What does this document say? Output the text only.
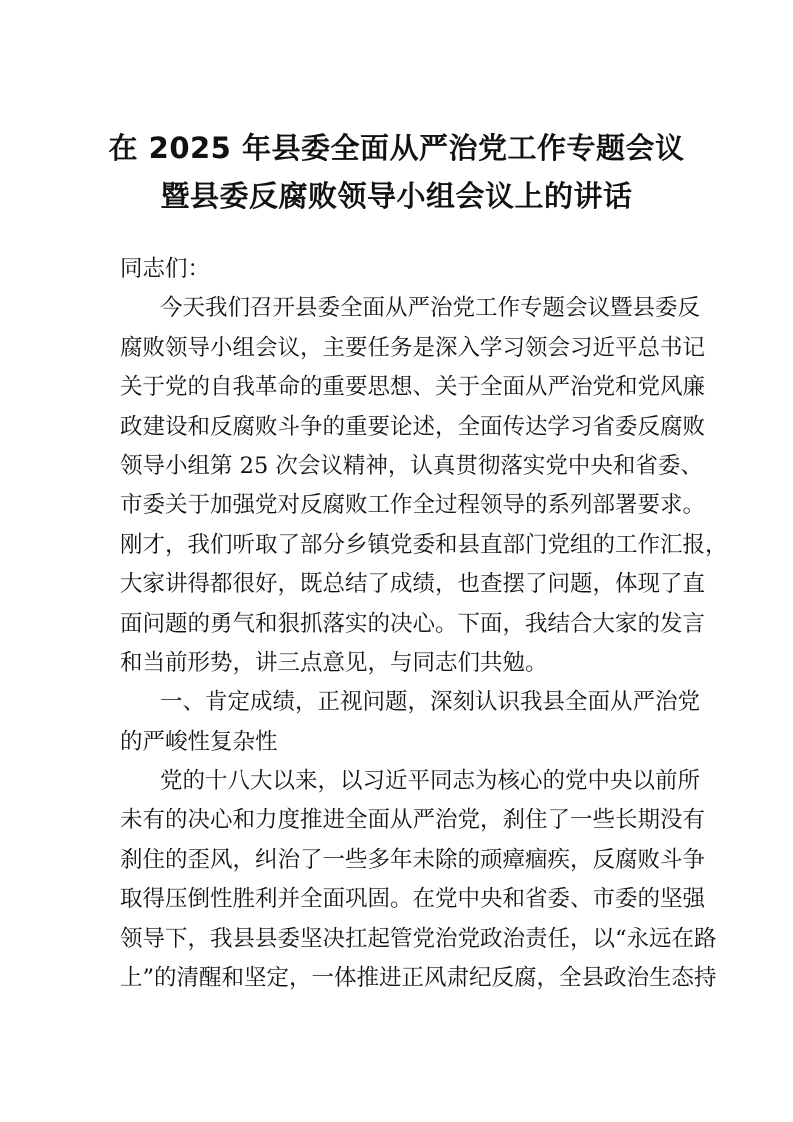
在 2025 年县委全面从严治党工作专题会议
暨县委反腐败领导小组会议上的讲话
同志们：
今天我们召开县委全面从严治党工作专题会议暨县委反
腐败领导小组会议，主要任务是深入学习领会习近平总书记
关于党的自我革命的重要思想、关于全面从严治党和党风廉
政建设和反腐败斗争的重要论述，全面传达学习省委反腐败
领导小组第 25 次会议精神，认真贯彻落实党中央和省委、
市委关于加强党对反腐败工作全过程领导的系列部署要求。
刚才，我们听取了部分乡镇党委和县直部门党组的工作汇报，
大家讲得都很好，既总结了成绩，也查摆了问题，体现了直
面问题的勇气和狠抓落实的决心。下面，我结合大家的发言
和当前形势，讲三点意见，与同志们共勉。
一、肯定成绩，正视问题，深刻认识我县全面从严治党
的严峻性复杂性
党的十八大以来，以习近平同志为核心的党中央以前所
未有的决心和力度推进全面从严治党，刹住了一些长期没有
刹住的歪风，纠治了一些多年未除的顽瘴痼疾，反腐败斗争
取得压倒性胜利并全面巩固。在党中央和省委、市委的坚强
领导下，我县县委坚决扛起管党治党政治责任，以“永远在路
上”的清醒和坚定，一体推进正风肃纪反腐，全县政治生态持
